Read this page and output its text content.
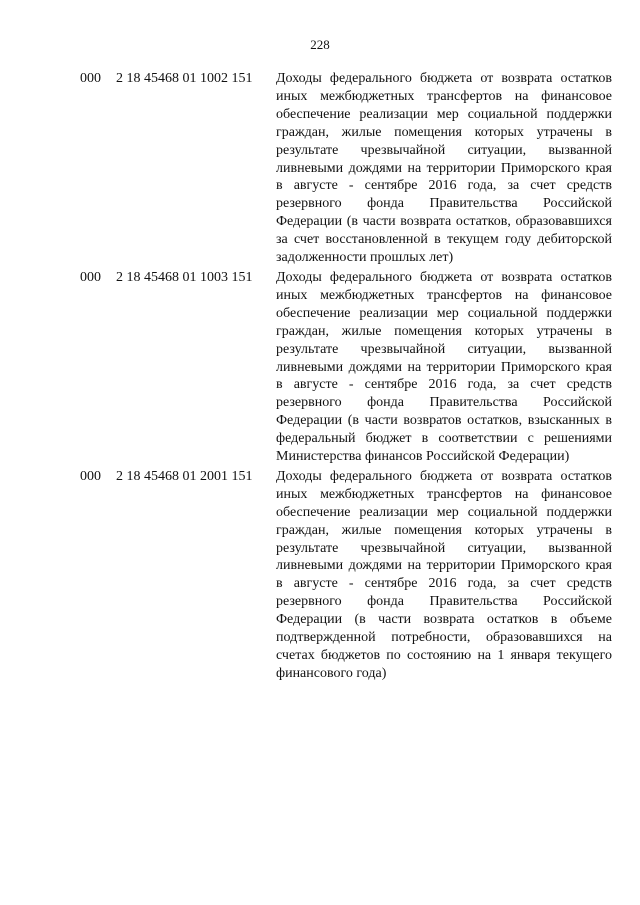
228
000	2 18 45468 01 1002 151	Доходы федерального бюджета от возврата остатков иных межбюджетных трансфертов на финансовое обеспечение реализации мер социальной поддержки граждан, жилые помещения которых утрачены в результате чрезвычайной ситуации, вызванной ливневыми дождями на территории Приморского края в августе - сентябре 2016 года, за счет средств резервного фонда Правительства Российской Федерации (в части возврата остатков, образовавшихся за счет восстановленной в текущем году дебиторской задолженности прошлых лет)
000	2 18 45468 01 1003 151	Доходы федерального бюджета от возврата остатков иных межбюджетных трансфертов на финансовое обеспечение реализации мер социальной поддержки граждан, жилые помещения которых утрачены в результате чрезвычайной ситуации, вызванной ливневыми дождями на территории Приморского края в августе - сентябре 2016 года, за счет средств резервного фонда Правительства Российской Федерации (в части возвратов остатков, взысканных в федеральный бюджет в соответствии с решениями Министерства финансов Российской Федерации)
000	2 18 45468 01 2001 151	Доходы федерального бюджета от возврата остатков иных межбюджетных трансфертов на финансовое обеспечение реализации мер социальной поддержки граждан, жилые помещения которых утрачены в результате чрезвычайной ситуации, вызванной ливневыми дождями на территории Приморского края в августе - сентябре 2016 года, за счет средств резервного фонда Правительства Российской Федерации (в части возврата остатков в объеме подтвержденной потребности, образовавшихся на счетах бюджетов по состоянию на 1 января текущего финансового года)
